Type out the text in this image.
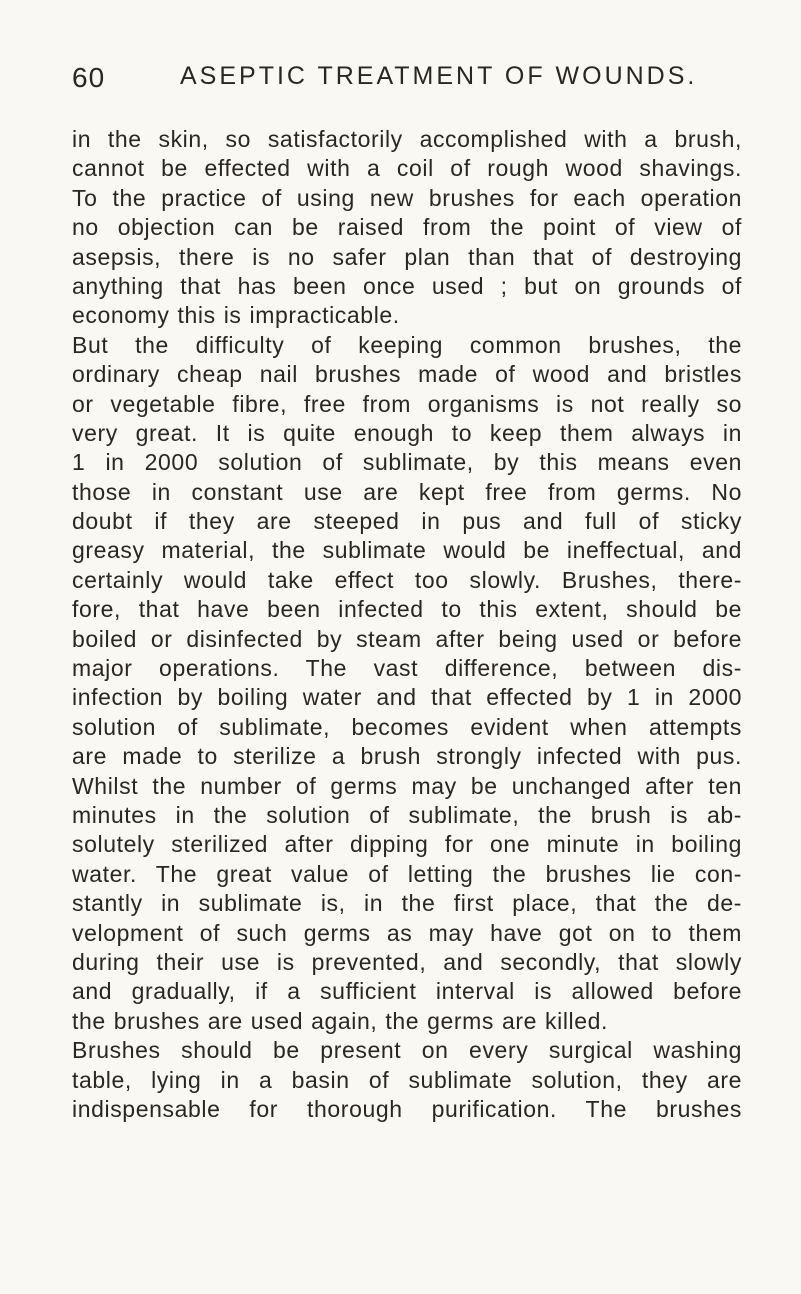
60	ASEPTIC TREATMENT OF WOUNDS.
in the skin, so satisfactorily accomplished with a brush,
cannot be effected with a coil of rough wood shavings.
To the practice of using new brushes for each operation
no objection can be raised from the point of view of
asepsis, there is no safer plan than that of destroying
anything that has been once used ; but on grounds of
economy this is impracticable.
But the difficulty of keeping common brushes, the
ordinary cheap nail brushes made of wood and bristles
or vegetable fibre, free from organisms is not really so
very great. It is quite enough to keep them always in
1 in 2000 solution of sublimate, by this means even
those in constant use are kept free from germs. No
doubt if they are steeped in pus and full of sticky
greasy material, the sublimate would be ineffectual, and
certainly would take effect too slowly. Brushes, there-
fore, that have been infected to this extent, should be
boiled or disinfected by steam after being used or before
major operations. The vast difference, between dis-
infection by boiling water and that effected by 1 in 2000
solution of sublimate, becomes evident when attempts
are made to sterilize a brush strongly infected with pus.
Whilst the number of germs may be unchanged after ten
minutes in the solution of sublimate, the brush is ab-
solutely sterilized after dipping for one minute in boiling
water. The great value of letting the brushes lie con-
stantly in sublimate is, in the first place, that the de-
velopment of such germs as may have got on to them
during their use is prevented, and secondly, that slowly
and gradually, if a sufficient interval is allowed before
the brushes are used again, the germs are killed.
Brushes should be present on every surgical washing
table, lying in a basin of sublimate solution, they are
indispensable for thorough purification. The brushes
